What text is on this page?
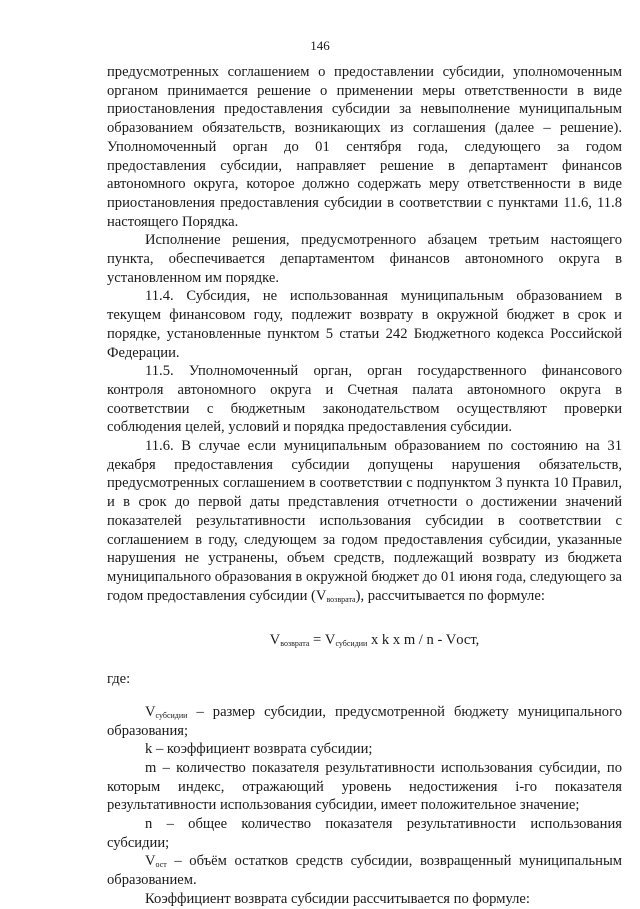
146

предусмотренных соглашением о предоставлении субсидии, уполномоченным органом принимается решение о применении меры ответственности в виде приостановления предоставления субсидии за невыполнение муниципальным образованием обязательств, возникающих из соглашения (далее – решение). Уполномоченный орган до 01 сентября года, следующего за годом предоставления субсидии, направляет решение в департамент финансов автономного округа, которое должно содержать меру ответственности в виде приостановления предоставления субсидии в соответствии с пунктами 11.6, 11.8 настоящего Порядка.

Исполнение решения, предусмотренного абзацем третьим настоящего пункта, обеспечивается департаментом финансов автономного округа в установленном им порядке.

11.4. Субсидия, не использованная муниципальным образованием в текущем финансовом году, подлежит возврату в окружной бюджет в срок и порядке, установленные пунктом 5 статьи 242 Бюджетного кодекса Российской Федерации.

11.5. Уполномоченный орган, орган государственного финансового контроля автономного округа и Счетная палата автономного округа в соответствии с бюджетным законодательством осуществляют проверки соблюдения целей, условий и порядка предоставления субсидии.

11.6. В случае если муниципальным образованием по состоянию на 31 декабря предоставления субсидии допущены нарушения обязательств, предусмотренных соглашением в соответствии с подпунктом 3 пункта 10 Правил, и в срок до первой даты представления отчетности о достижении значений показателей результативности использования субсидии в соответствии с соглашением в году, следующем за годом предоставления субсидии, указанные нарушения не устранены, объем средств, подлежащий возврату из бюджета муниципального образования в окружной бюджет до 01 июня года, следующего за годом предоставления субсидии $(V_{возврата})$, рассчитывается по формуле:

$V_{возврата} = V_{субсидии}$ x k x m / n - Vост,

где:

$V_{субсидии}$ – размер субсидии, предусмотренной бюджету муниципального образования;

k – коэффициент возврата субсидии;

m – количество показателя результативности использования субсидии, по которым индекс, отражающий уровень недостижения i-го показателя результативности использования субсидии, имеет положительное значение;

n – общее количество показателя результативности использования субсидии;

$V_{ост}$ – объём остатков средств субсидии, возвращенный муниципальным образованием.

Коэффициент возврата субсидии рассчитывается по формуле:
